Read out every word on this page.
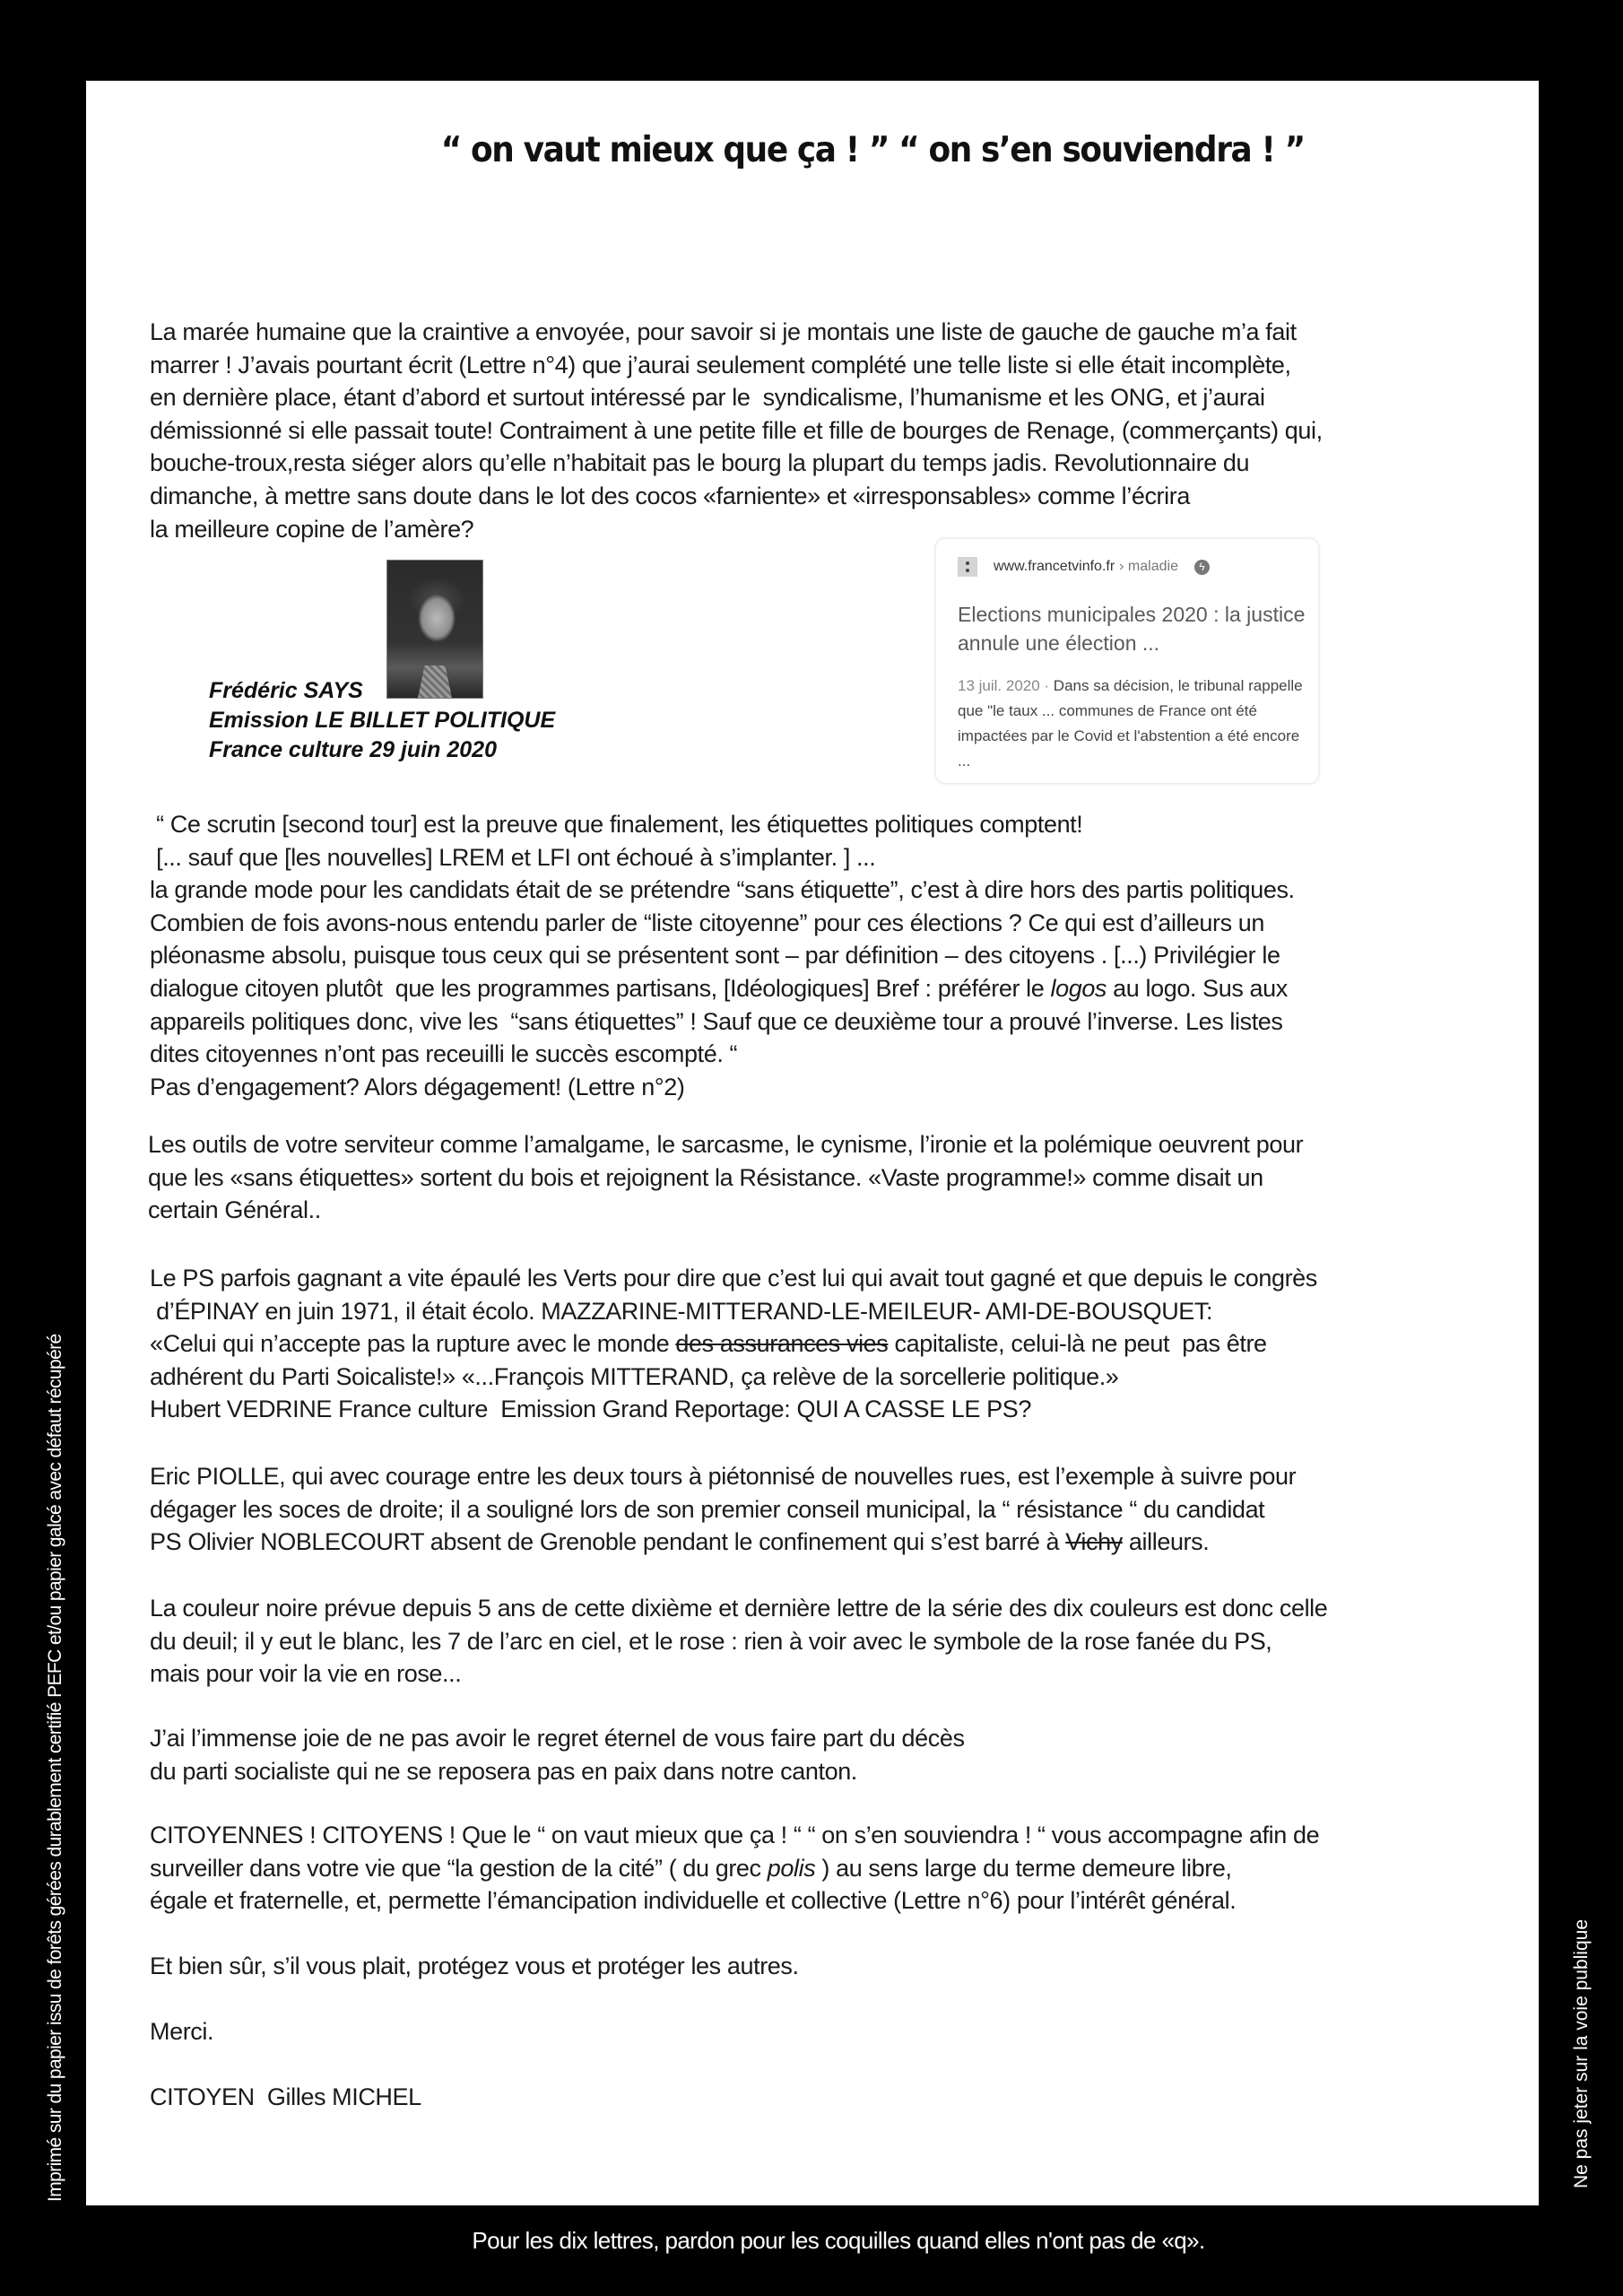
Imprimé sur du papier issu de forêts gérées durablement certifié PEFC et/ou papier galcé avec défaut récupéré	Ne pas jeter sur la voie publique
“ on vaut mieux que ça ! ” “ on s’en souviendra ! ”
La marée humaine que la craintive a envoyée, pour savoir si je montais une liste de gauche de gauche m’a fait
marrer ! J’avais pourtant écrit (Lettre n°4) que j’aurai seulement complété une telle liste si elle était incomplète,
en dernière place, étant d’abord et surtout intéressé par le  syndicalisme, l’humanisme et les ONG, et j’aurai
démissionné si elle passait toute! Contraiment à une petite fille et fille de bourges de Renage, (commerçants) qui,
bouche-troux,resta siéger alors qu’elle n’habitait pas le bourg la plupart du temps jadis. Revolutionnaire du
dimanche, à mettre sans doute dans le lot des cocos «farniente» et «irresponsables» comme l’écrira
la meilleure copine de l’amère?
Frédéric SAYS
Emission LE BILLET POLITIQUE
France culture 29 juin 2020
www.francetvinfo.fr › maladie	ϟ
Elections municipales 2020 : la justice annule une élection ...
13 juil. 2020 · Dans sa décision, le tribunal rappelle que "le taux ... communes de France ont été impactées par le Covid et l'abstention a été encore ...
“ Ce scrutin [second tour] est la preuve que finalement, les étiquettes politiques comptent!
[... sauf que [les nouvelles] LREM et LFI ont échoué à s’implanter. ] ...
la grande mode pour les candidats était de se prétendre “sans étiquette”, c’est à dire hors des partis politiques.
Combien de fois avons-nous entendu parler de “liste citoyenne” pour ces élections ? Ce qui est d’ailleurs un
pléonasme absolu, puisque tous ceux qui se présentent sont – par définition – des citoyens . [...) Privilégier le
dialogue citoyen plutôt  que les programmes partisans, [Idéologiques] Bref : préférer le logos au logo. Sus aux
appareils politiques donc, vive les  “sans étiquettes” ! Sauf que ce deuxième tour a prouvé l’inverse. Les listes
dites citoyennes n’ont pas receuilli le succès escompté. “
Pas d’engagement? Alors dégagement! (Lettre n°2)
Les outils de votre serviteur comme l’amalgame, le sarcasme, le cynisme, l’ironie et la polémique oeuvrent pour
que les «sans étiquettes» sortent du bois et rejoignent la Résistance. «Vaste programme!» comme disait un
certain Général..
Le PS parfois gagnant a vite épaulé les Verts pour dire que c’est lui qui avait tout gagné et que depuis le congrès
d’ÉPINAY en juin 1971, il était écolo. MAZZARINE-MITTERAND-LE-MEILEUR- AMI-DE-BOUSQUET:
«Celui qui n’accepte pas la rupture avec le monde des assurances vies capitaliste, celui-là ne peut  pas être
adhérent du Parti Soicaliste!» «...François MITTERAND, ça relève de la sorcellerie politique.»
Hubert VEDRINE France culture  Emission Grand Reportage: QUI A CASSE LE PS?
Eric PIOLLE, qui avec courage entre les deux tours à piétonnisé de nouvelles rues, est l’exemple à suivre pour
dégager les soces de droite; il a souligné lors de son premier conseil municipal, la “ résistance “ du candidat
PS Olivier NOBLECOURT absent de Grenoble pendant le confinement qui s’est barré à Vichy ailleurs.
La couleur noire prévue depuis 5 ans de cette dixième et dernière lettre de la série des dix couleurs est donc celle
du deuil; il y eut le blanc, les 7 de l’arc en ciel, et le rose : rien à voir avec le symbole de la rose fanée du PS,
mais pour voir la vie en rose...
J’ai l’immense joie de ne pas avoir le regret éternel de vous faire part du décès
du parti socialiste qui ne se reposera pas en paix dans notre canton.
CITOYENNES ! CITOYENS ! Que le “ on vaut mieux que ça ! “ “ on s’en souviendra ! “ vous accompagne afin de
surveiller dans votre vie que “la gestion de la cité” ( du grec polis ) au sens large du terme demeure libre,
égale et fraternelle, et, permette l’émancipation individuelle et collective (Lettre n°6) pour l’intérêt général.
Et bien sûr, s’il vous plait, protégez vous et protéger les autres.
Merci.
CITOYEN  Gilles MICHEL
Pour les dix lettres, pardon pour les coquilles quand elles n'ont pas de «q».
